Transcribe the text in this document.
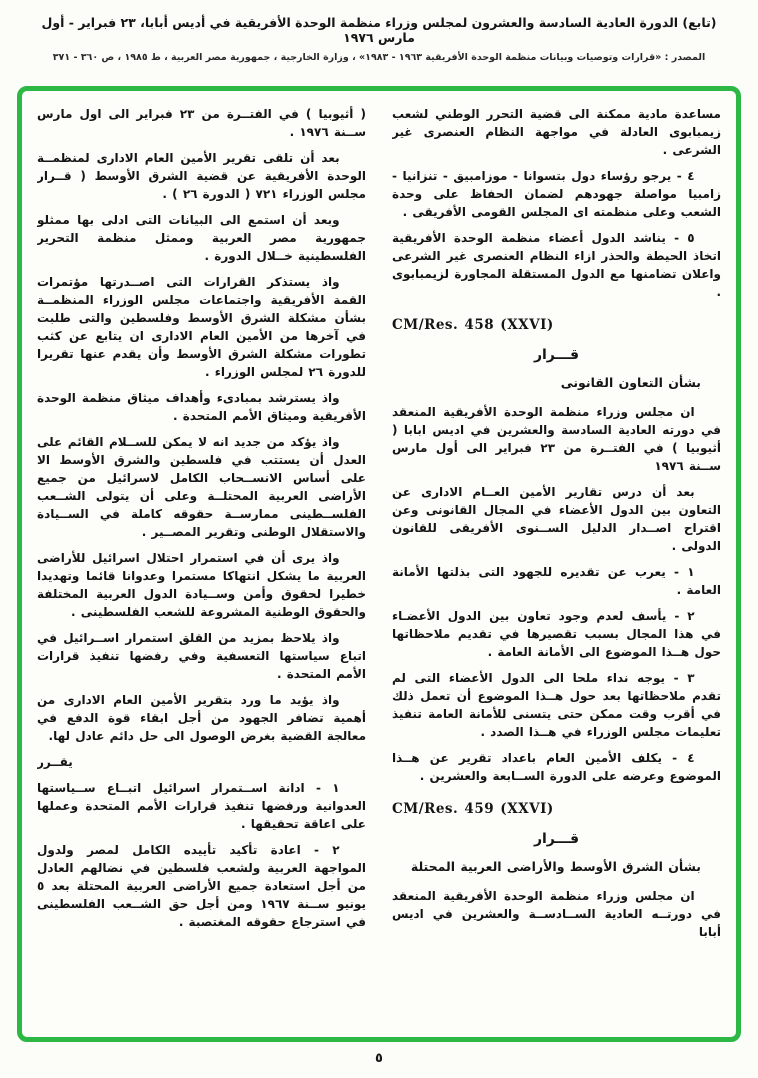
(تابع) الدورة العادية السادسة والعشرون لمجلس وزراء منظمة الوحدة الأفريقية في أديس أبابا، ٢٣ فبراير - أول مارس ١٩٧٦
المصدر : «قرارات وتوصيات وبيانات منظمة الوحدة الأفريقية ١٩٦٣ - ١٩٨٣» ، وزارة الخارجية ، جمهورية مصر العربية ، ط ١٩٨٥ ، ص ٣٦٠ - ٣٧١
مساعدة مادية ممكنة الى قضية التحرر الوطني لشعب زيمبابوى العادلة في مواجهة النظام العنصرى غير الشرعى .
٤ - يرجو رؤساء دول بتسوانا - موزامبيق - تنزانيا - زامبيا مواصلة جهودهم لضمان الحفاظ على وحدة الشعب وعلى منظمته اى المجلس القومى الأفريقى .
٥ - يناشد الدول أعضاء منظمة الوحدة الأفريقية اتخاذ الحيطة والحذر ازاء النظام العنصرى غير الشرعى واعلان تضامنها مع الدول المستقلة المجاورة لزيمبابوى .
CM/Res. 458 (XXVI)
قـــرار
بشأن التعاون القانونى
ان مجلس وزراء منظمة الوحدة الأفريقية المنعقد في دورته العادية السادسة والعشرين في اديس ابابا ( أثيوبيا ) في الفتــرة من ٢٣ فبراير الى أول مارس ســنة ١٩٧٦
بعد أن درس تقارير الأمين العــام الادارى عن التعاون بين الدول الأعضاء في المجال القانونى وعن اقتراح اصــدار الدليل الســنوى الأفريقى للقانون الدولى .
١ - يعرب عن تقديره للجهود التى بذلتها الأمانة العامة .
٢ - يأسف لعدم وجود تعاون بين الدول الأعضـاء في هذا المجال بسبب تقصيرها في تقديم ملاحظاتها حول هــذا الموضوع الى الأمانة العامة .
٣ - يوجه نداء ملحا الى الدول الأعضاء التى لم تقدم ملاحظاتها بعد حول هــذا الموضوع أن تعمل ذلك في أقرب وقت ممكن حتى يتسنى للأمانة العامة تنفيذ تعليمات مجلس الوزراء في هــذا الصدد .
٤ - يكلف الأمين العام باعداد تقرير عن هــذا الموضوع وعرضه على الدورة الســابعة والعشرين .
CM/Res. 459 (XXVI)
قـــرار
بشأن الشرق الأوسط والأراضى العربية المحتلة
ان مجلس وزراء منظمة الوحدة الأفريقية المنعقد في دورتــه العادية الســادســة والعشرين في اديس أبابا
( أثيوبيا ) في الفتــرة من ٢٣ فبراير الى اول مارس ســنة ١٩٧٦ .
بعد أن تلقى تقرير الأمين العام الادارى لمنظمــة الوحدة الأفريقية عن قضية الشرق الأوسط ( قــرار مجلس الوزراء ٧٢١ ( الدورة ٢٦ ) .
وبعد أن استمع الى البيانات التى ادلى بها ممثلو جمهورية مصر العربية وممثل منظمة التحرير الفلسطينية خــلال الدورة .
واذ يستذكر القرارات التى اصــدرتها مؤتمرات القمة الأفريقية واجتماعات مجلس الوزراء المنظمــة بشأن مشكلة الشرق الأوسط وفلسطين والتى طلبت في آخرها من الأمين العام الادارى ان يتابع عن كثب تطورات مشكلة الشرق الأوسط وأن يقدم عنها تقريرا للدورة ٢٦ لمجلس الوزراء .
واذ يسترشد بمبادىء وأهداف ميثاق منظمة الوحدة الأفريقية وميثاق الأمم المتحدة .
واذ يؤكد من جديد انه لا يمكن للســلام القائم على العدل أن يستتب في فلسطين والشرق الأوسط الا على أساس الانســحاب الكامل لاسرائيل من جميع الأراضى العربية المحتلــة وعلى أن يتولى الشــعب الفلســطينى ممارســة حقوقه كاملة في الســيادة والاستقلال الوطنى وتقرير المصــير .
واذ يرى أن في استمرار احتلال اسرائيل للأراضى العربية ما يشكل انتهاكا مستمرا وعدوانا قائما وتهديدا خطيرا لحقوق وأمن وســيادة الدول العربية المختلفة والحقوق الوطنية المشروعة للشعب الفلسطينى .
واذ يلاحظ بمزيد من القلق استمرار اســرائيل في اتباع سياستها التعسفية وفي رفضها تنفيذ قرارات الأمم المتحدة .
واذ يؤيد ما ورد بتقرير الأمين العام الادارى من أهمية تضافر الجهود من أجل ابقاء قوة الدفع في معالجة القضية بغرض الوصول الى حل دائم عادل لها.
يقــرر
١ - ادانة اســتمرار اسرائيل اتبــاع ســياستها العدوانية ورفضها تنفيذ قرارات الأمم المتحدة وعملها على اعاقة تحقيقها .
٢ - اعادة تأكيد تأييده الكامل لمصر ولدول المواجهة العربية ولشعب فلسطين في نضالهم العادل من أجل استعادة جميع الأراضى العربية المحتلة بعد ٥ يونيو ســنة ١٩٦٧ ومن أجل حق الشــعب الفلسطينى في استرجاع حقوقه المغتصبة .
٥
